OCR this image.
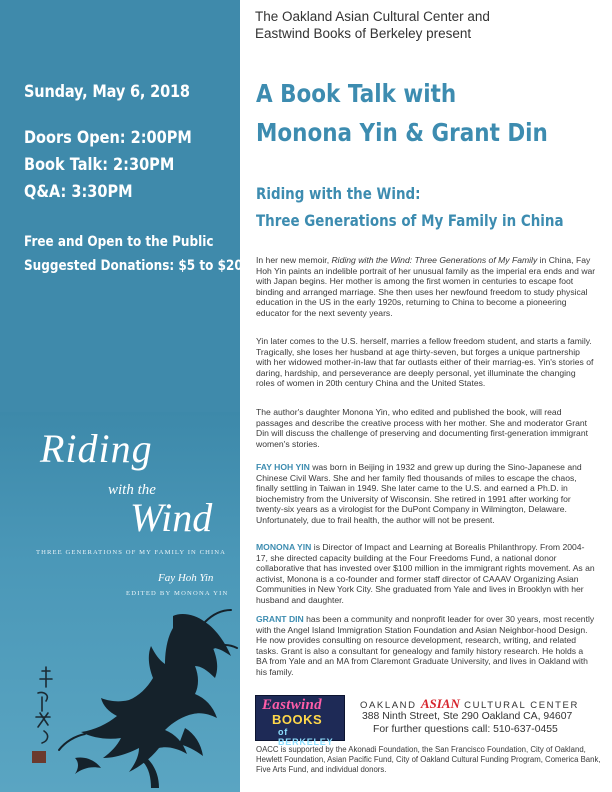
Sunday, May 6, 2018
Doors Open: 2:00PM
Book Talk: 2:30PM
Q&A: 3:30PM
Free and Open to the Public
Suggested Donations: $5 to $20
Riding
with the
Wind
THREE GENERATIONS OF MY FAMILY IN CHINA
Fay Hoh Yin
EDITED BY MONONA YIN
The Oakland Asian Cultural Center and
Eastwind Books of Berkeley present
A Book Talk with
Monona Yin & Grant Din
Riding with the Wind:
Three Generations of My Family in China
In her new memoir, Riding with the Wind: Three Generations of My Family in China, Fay Hoh Yin paints an indelible portrait of her unusual family as the imperial era ends and war with Japan begins. Her mother is among the first women in centuries to escape foot binding and arranged marriage. She then uses her newfound freedom to study physical education in the US in the early 1920s, returning to China to become a pioneering educator for the next seventy years.
Yin later comes to the U.S. herself, marries a fellow freedom student, and starts a family. Tragically, she loses her husband at age thirty-seven, but forges a unique partnership with her widowed mother-in-law that far outlasts either of their marriag-es. Yin's stories of daring, hardship, and perseverance are deeply personal, yet illuminate the changing roles of women in 20th century China and the United States.
The author's daughter Monona Yin, who edited and published the book, will read passages and describe the creative process with her mother. She and moderator Grant Din will discuss the challenge of preserving and documenting first-generation immigrant women's stories.
FAY HOH YIN was born in Beijing in 1932 and grew up during the Sino-Japanese and Chinese Civil Wars. She and her family fled thousands of miles to escape the chaos, finally settling in Taiwan in 1949. She later came to the U.S. and earned a Ph.D. in biochemistry from the University of Wisconsin. She retired in 1991 after working for twenty-six years as a virologist for the DuPont Company in Wilmington, Delaware. Unfortunately, due to frail health, the author will not be present.
MONONA YIN is Director of Impact and Learning at Borealis Philanthropy. From 2004-17, she directed capacity building at the Four Freedoms Fund, a national donor collaborative that has invested over $100 million in the immigrant rights movement. As an activist, Monona is a co-founder and former staff director of CAAAV Organizing Asian Communities in New York City. She graduated from Yale and lives in Brooklyn with her husband and daughter.
GRANT DIN has been a community and nonprofit leader for over 30 years, most recently with the Angel Island Immigration Station Foundation and Asian Neighbor-hood Design. He now provides consulting on resource development, research, writing, and related tasks. Grant is also a consultant for genealogy and family history research. He holds a BA from Yale and an MA from Claremont Graduate University, and lives in Oakland with his family.
Eastwind
BOOKS
of BERKELEY
OAKLAND ASIAN CULTURAL CENTER
388 Ninth Street, Ste 290 Oakland CA, 94607
For further questions call: 510-637-0455
OACC is supported by the Akonadi Foundation, the San Francisco Foundation, City of Oakland, Hewlett Foundation, Asian Pacific Fund, City of Oakland Cultural Funding Program, Comerica Bank, Five Arts Fund, and individual donors.
